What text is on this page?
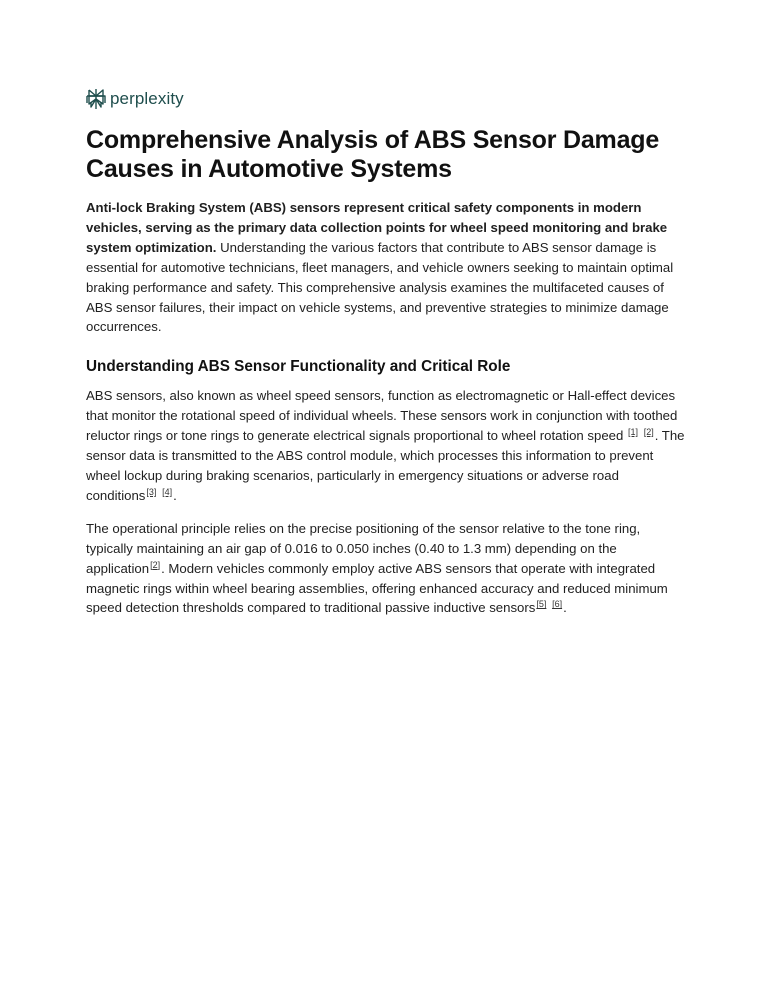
perplexity
Comprehensive Analysis of ABS Sensor Damage Causes in Automotive Systems

Anti-lock Braking System (ABS) sensors represent critical safety components in modern vehicles, serving as the primary data collection points for wheel speed monitoring and brake system optimization. Understanding the various factors that contribute to ABS sensor damage is essential for automotive technicians, fleet managers, and vehicle owners seeking to maintain optimal braking performance and safety. This comprehensive analysis examines the multifaceted causes of ABS sensor failures, their impact on vehicle systems, and preventive strategies to minimize damage occurrences.

Understanding ABS Sensor Functionality and Critical Role

ABS sensors, also known as wheel speed sensors, function as electromagnetic or Hall-effect devices that monitor the rotational speed of individual wheels. These sensors work in conjunction with toothed reluctor rings or tone rings to generate electrical signals proportional to wheel rotation speed [1] [2]. The sensor data is transmitted to the ABS control module, which processes this information to prevent wheel lockup during braking scenarios, particularly in emergency situations or adverse road conditions[3] [4].

The operational principle relies on the precise positioning of the sensor relative to the tone ring, typically maintaining an air gap of 0.016 to 0.050 inches (0.40 to 1.3 mm) depending on the application[2]. Modern vehicles commonly employ active ABS sensors that operate with integrated magnetic rings within wheel bearing assemblies, offering enhanced accuracy and reduced minimum speed detection thresholds compared to traditional passive inductive sensors[5] [6].
